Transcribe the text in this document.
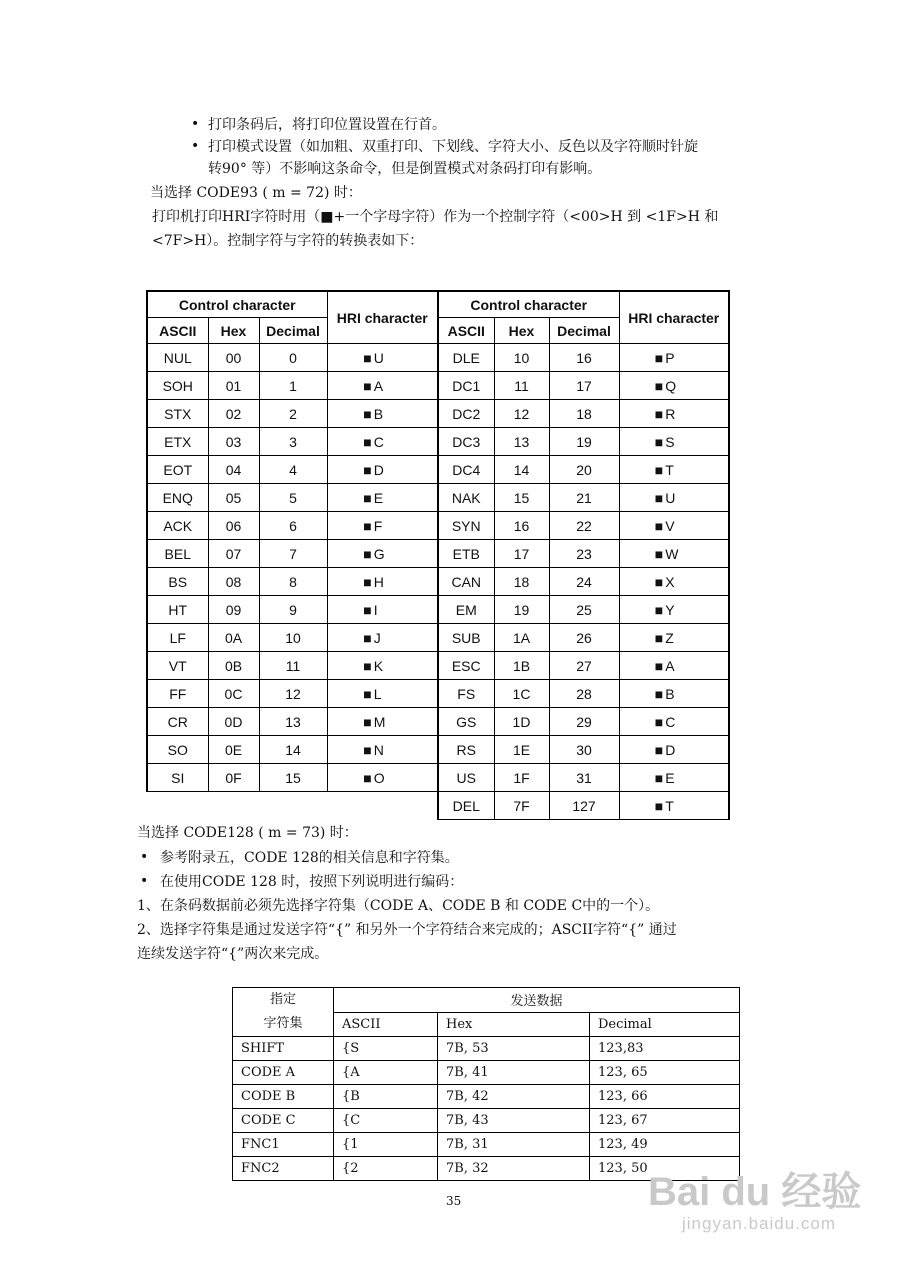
• 打印条码后，将打印位置设置在行首。
• 打印模式设置（如加粗、双重打印、下划线、字符大小、反色以及字符顺时针旋
转90° 等）不影响这条命令，但是倒置模式对条码打印有影响。
当选择 CODE93 ( m = 72) 时：
打印机打印HRI字符时用（■+一个字母字符）作为一个控制字符（<00>H 到 <1F>H 和
<7F>H）。控制字符与字符的转换表如下：
Control character			HRI character	Control character			HRI character
ASCII	Hex	Decimal		ASCII	Hex	Decimal	
NUL	00	0	■ U	DLE	10	16	■ P
SOH	01	1	■ A	DC1	11	17	■ Q
STX	02	2	■ B	DC2	12	18	■ R
ETX	03	3	■ C	DC3	13	19	■ S
EOT	04	4	■ D	DC4	14	20	■ T
ENQ	05	5	■ E	NAK	15	21	■ U
ACK	06	6	■ F	SYN	16	22	■ V
BEL	07	7	■ G	ETB	17	23	■ W
BS	08	8	■ H	CAN	18	24	■ X
HT	09	9	■ I	EM	19	25	■ Y
LF	0A	10	■ J	SUB	1A	26	■ Z
VT	0B	11	■ K	ESC	1B	27	■ A
FF	0C	12	■ L	FS	1C	28	■ B
CR	0D	13	■ M	GS	1D	29	■ C
SO	0E	14	■ N	RS	1E	30	■ D
SI	0F	15	■ O	US	1F	31	■ E
				DEL	7F	127	■ T
当选择 CODE128 ( m = 73) 时：
• 参考附录五，CODE 128的相关信息和字符集。
• 在使用CODE 128 时，按照下列说明进行编码：
1、在条码数据前必须先选择字符集（CODE A、CODE B 和 CODE C中的一个）。
2、选择字符集是通过发送字符“{” 和另外一个字符结合来完成的；ASCII字符“{” 通过
连续发送字符“{”两次来完成。
指定
字符集	发送数据		
	ASCII	Hex	Decimal
SHIFT	{S	7B, 53	123,83
CODE A	{A	7B, 41	123, 65
CODE B	{B	7B, 42	123, 66
CODE C	{C	7B, 43	123, 67
FNC1	{1	7B, 31	123, 49
FNC2	{2	7B, 32	123, 50
35	Bai du 经验
jingyan.baidu.com
